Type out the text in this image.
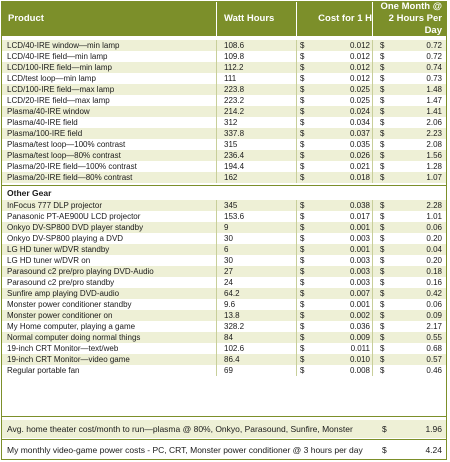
Product	Watt Hours	Cost for 1 H
One Month @
2 Hours Per Day
LCD/40-IRE window—min lamp	108.6	$	0.012 $	0.72
LCD/40-IRE field—min lamp	109.8	$	0.012 $	0.72
LCD/100-IRE field—min lamp	112.2	$	0.012 $	0.74
LCD/test loop—min lamp	111	$	0.012 $	0.73
LCD/100-IRE field—max lamp	223.8	$	0.025 $	1.48
LCD/20-IRE field—max lamp	223.2	$	0.025 $	1.47
Plasma/40-IRE window	214.2	$	0.024 $	1.41
Plasma/40-IRE field	312	$	0.034 $	2.06
Plasma/100-IRE field	337.8	$	0.037 $	2.23
Plasma/test loop—100% contrast	315	$	0.035 $	2.08
Plasma/test loop—80% contrast	236.4	$	0.026 $	1.56
Plasma/20-IRE field—100% contrast	194.4	$	0.021 $	1.28
Plasma/20-IRE field—80% contrast	162	$	0.018 $	1.07
Other Gear
InFocus 777 DLP projector	345	$	0.038 $	2.28
Panasonic PT-AE900U LCD projector	153.6	$	0.017 $	1.01
Onkyo DV-SP800 DVD player standby	9	$	0.001 $	0.06
Onkyo DV-SP800 playing a DVD	30	$	0.003 $	0.20
LG HD tuner w/DVR standby	6	$	0.001 $	0.04
LG HD tuner w/DVR on	30	$	0.003 $	0.20
Parasound c2 pre/pro playing DVD-Audio	27	$	0.003 $	0.18
Parasound c2 pre/pro standby	24	$	0.003 $	0.16
Sunfire amp playing DVD-audio	64.2	$	0.007 $	0.42
Monster power conditioner standby	9.6	$	0.001 $	0.06
Monster power conditioner on	13.8	$	0.002 $	0.09
My Home computer, playing a game	328.2	$	0.036 $	2.17
Normal computer doing normal things	84	$	0.009 $	0.55
19-inch CRT Monitor—text/web	102.6	$	0.011 $	0.68
19-inch CRT Monitor—video game	86.4	$	0.010 $	0.57
Regular portable fan	69	$	0.008 $	0.46
Avg. home theater cost/month to run—plasma @ 80%, Onkyo, Parasound, Sunfire, Monster	$	1.96
My monthly video-game power costs - PC, CRT, Monster power conditioner @ 3 hours per day $	4.24
